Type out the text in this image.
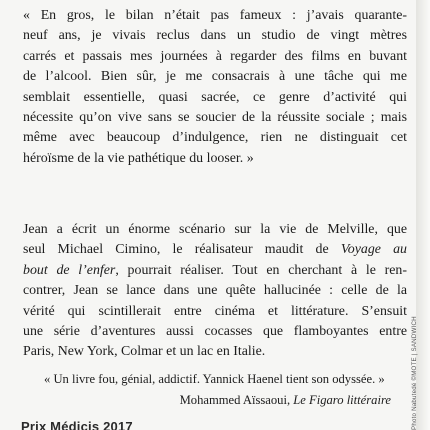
« En gros, le bilan n’était pas fameux : j’avais quarante-
neuf ans, je vivais reclus dans un studio de vingt mètres
carrés et passais mes journées à regarder des films en buvant
de l’alcool. Bien sûr, je me consacrais à une tâche qui me
semblait essentielle, quasi sacrée, ce genre d’activité qui
nécessite qu’on vive sans se soucier de la réussite sociale ; mais
même avec beaucoup d’indulgence, rien ne distinguait cet
héroïsme de la vie pathétique du looser. »
Jean a écrit un énorme scénario sur la vie de Melville, que
seul Michael Cimino, le réalisateur maudit de Voyage au
bout de l’enfer, pourrait réaliser. Tout en cherchant à le ren-
contrer, Jean se lance dans une quête hallucinée : celle de la
vérité qui scintillerait entre cinéma et littérature. S’ensuit
une série d’aventures aussi cocasses que flamboyantes entre
Paris, New York, Colmar et un lac en Italie.
« Un livre fou, génial, addictif. Yannick Haenel tient son odyssée. »
Mohammed Aïssaoui, Le Figaro littéraire
Prix Médicis 2017	Photo Nabutedé ©MOTE | SANDWICH
